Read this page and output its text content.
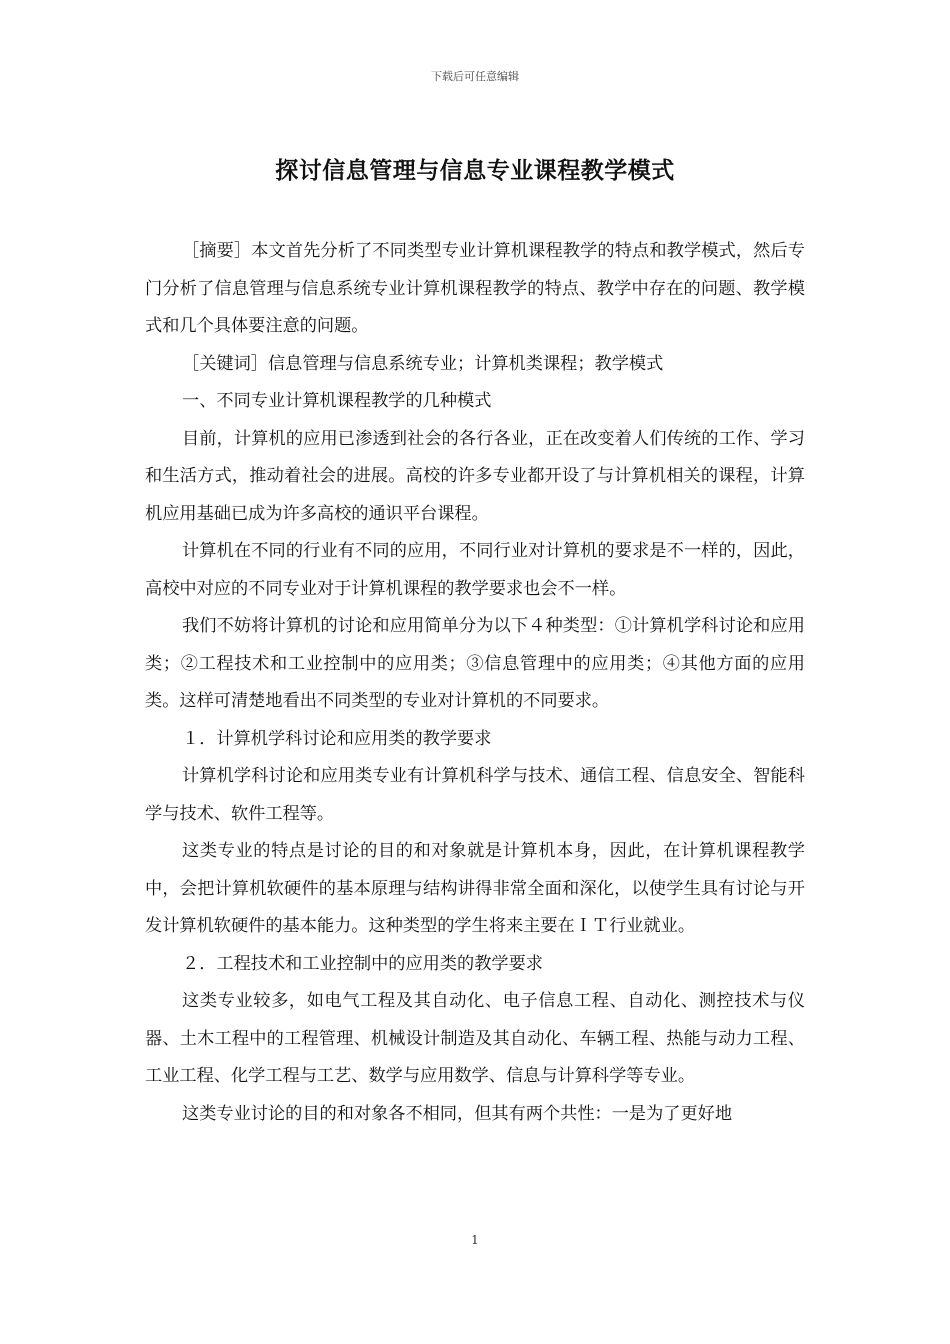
下载后可任意编辑
探讨信息管理与信息专业课程教学模式

［摘要］本文首先分析了不同类型专业计算机课程教学的特点和教学模式，然后专门分析了信息管理与信息系统专业计算机课程教学的特点、教学中存在的问题、教学模式和几个具体要注意的问题。

［关键词］信息管理与信息系统专业；计算机类课程；教学模式

一、不同专业计算机课程教学的几种模式

目前，计算机的应用已渗透到社会的各行各业，正在改变着人们传统的工作、学习和生活方式，推动着社会的进展。高校的许多专业都开设了与计算机相关的课程，计算机应用基础已成为许多高校的通识平台课程。

计算机在不同的行业有不同的应用，不同行业对计算机的要求是不一样的，因此，高校中对应的不同专业对于计算机课程的教学要求也会不一样。

我们不妨将计算机的讨论和应用简单分为以下４种类型：①计算机学科讨论和应用类；②工程技术和工业控制中的应用类；③信息管理中的应用类；④其他方面的应用类。这样可清楚地看出不同类型的专业对计算机的不同要求。

１．计算机学科讨论和应用类的教学要求

计算机学科讨论和应用类专业有计算机科学与技术、通信工程、信息安全、智能科学与技术、软件工程等。

这类专业的特点是讨论的目的和对象就是计算机本身，因此，在计算机课程教学中，会把计算机软硬件的基本原理与结构讲得非常全面和深化，以使学生具有讨论与开发计算机软硬件的基本能力。这种类型的学生将来主要在ＩＴ行业就业。

２．工程技术和工业控制中的应用类的教学要求

这类专业较多，如电气工程及其自动化、电子信息工程、自动化、测控技术与仪器、土木工程中的工程管理、机械设计制造及其自动化、车辆工程、热能与动力工程、工业工程、化学工程与工艺、数学与应用数学、信息与计算科学等专业。

这类专业讨论的目的和对象各不相同，但其有两个共性：一是为了更好地

1
